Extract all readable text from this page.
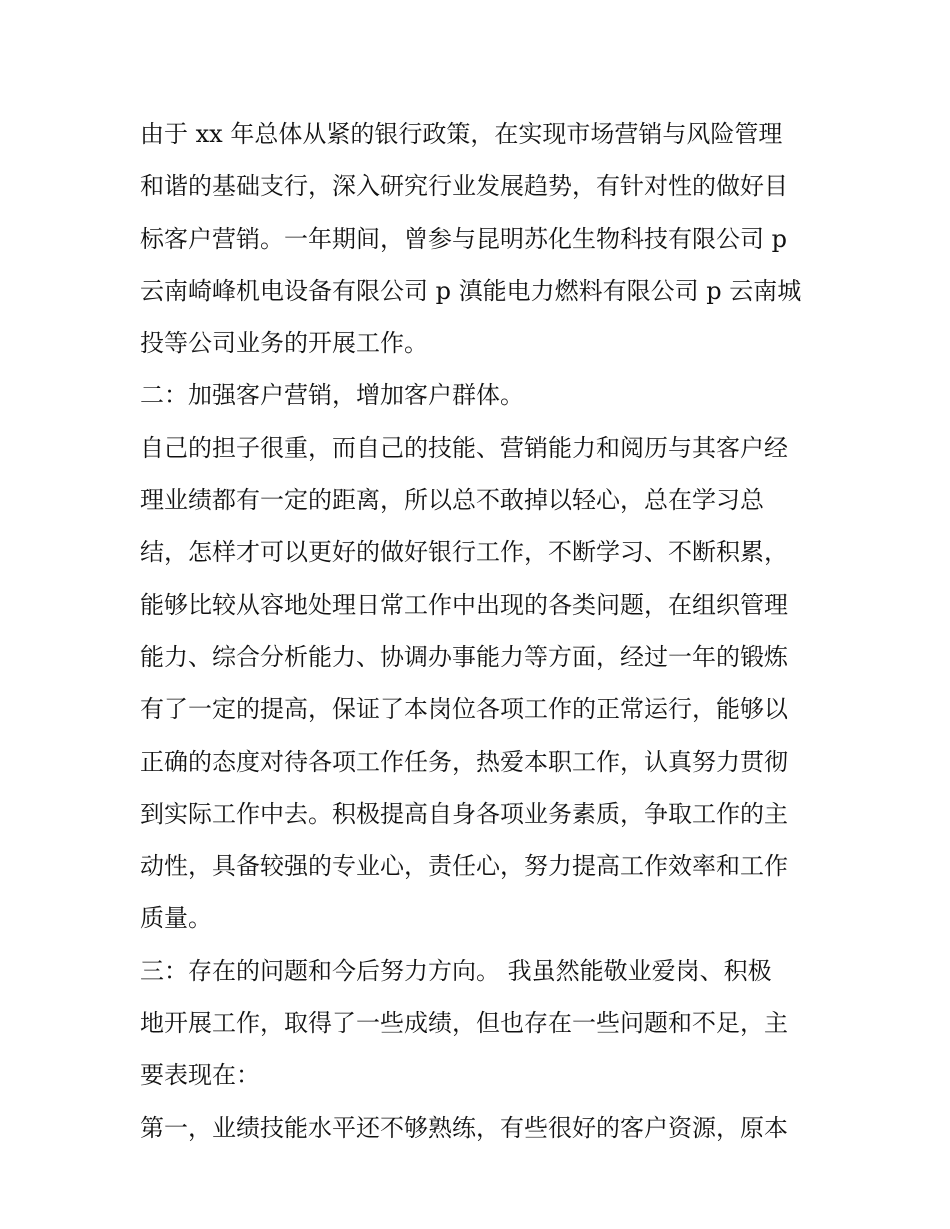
由于 xx 年总体从紧的银行政策，在实现市场营销与风险管理
和谐的基础支行，深入研究行业发展趋势，有针对性的做好目
标客户营销。一年期间，曾参与昆明苏化生物科技有限公司 p
云南崎峰机电设备有限公司 p 滇能电力燃料有限公司 p 云南城
投等公司业务的开展工作。
二：加强客户营销，增加客户群体。
自己的担子很重，而自己的技能、营销能力和阅历与其客户经
理业绩都有一定的距离，所以总不敢掉以轻心，总在学习总
结，怎样才可以更好的做好银行工作，不断学习、不断积累，
能够比较从容地处理日常工作中出现的各类问题，在组织管理
能力、综合分析能力、协调办事能力等方面，经过一年的锻炼
有了一定的提高，保证了本岗位各项工作的正常运行，能够以
正确的态度对待各项工作任务，热爱本职工作，认真努力贯彻
到实际工作中去。积极提高自身各项业务素质，争取工作的主
动性，具备较强的专业心，责任心，努力提高工作效率和工作
质量。
三：存在的问题和今后努力方向。 我虽然能敬业爱岗、积极
地开展工作，取得了一些成绩，但也存在一些问题和不足，主
要表现在：
第一，业绩技能水平还不够熟练，有些很好的客户资源，原本
